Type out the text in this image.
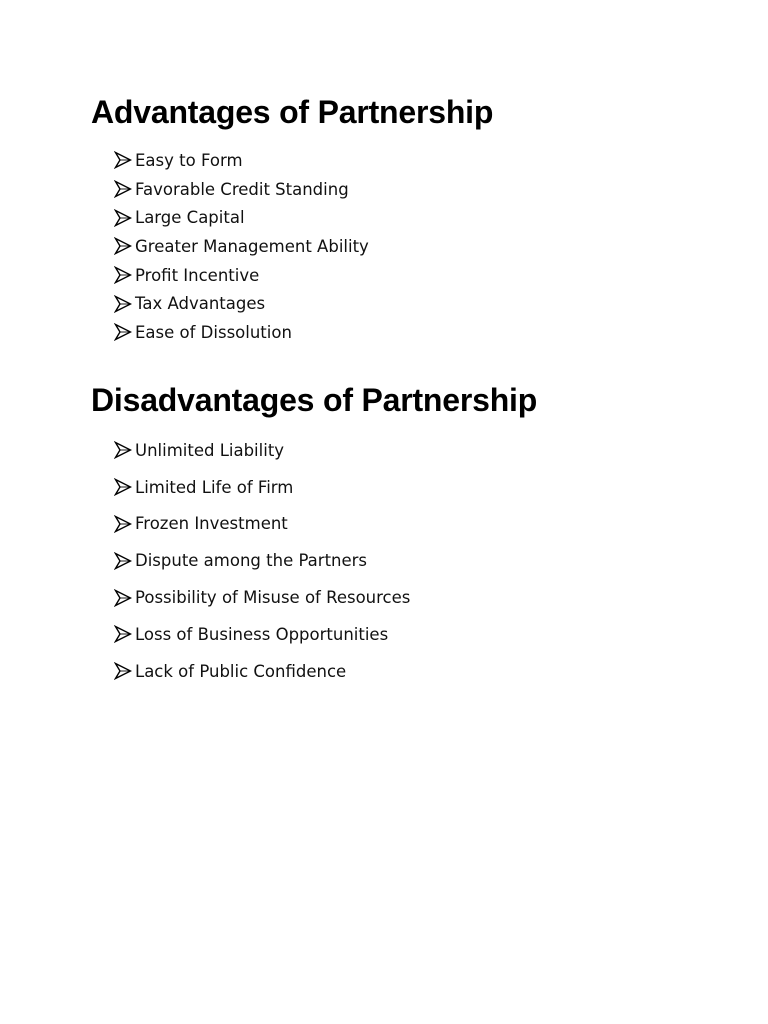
Advantages of Partnership
Easy to Form
Favorable Credit Standing
Large Capital
Greater Management Ability
Profit Incentive
Tax Advantages
Ease of Dissolution
Disadvantages of Partnership
Unlimited Liability
Limited Life of Firm
Frozen Investment
Dispute among the Partners
Possibility of Misuse of Resources
Loss of Business Opportunities
Lack of Public Confidence
